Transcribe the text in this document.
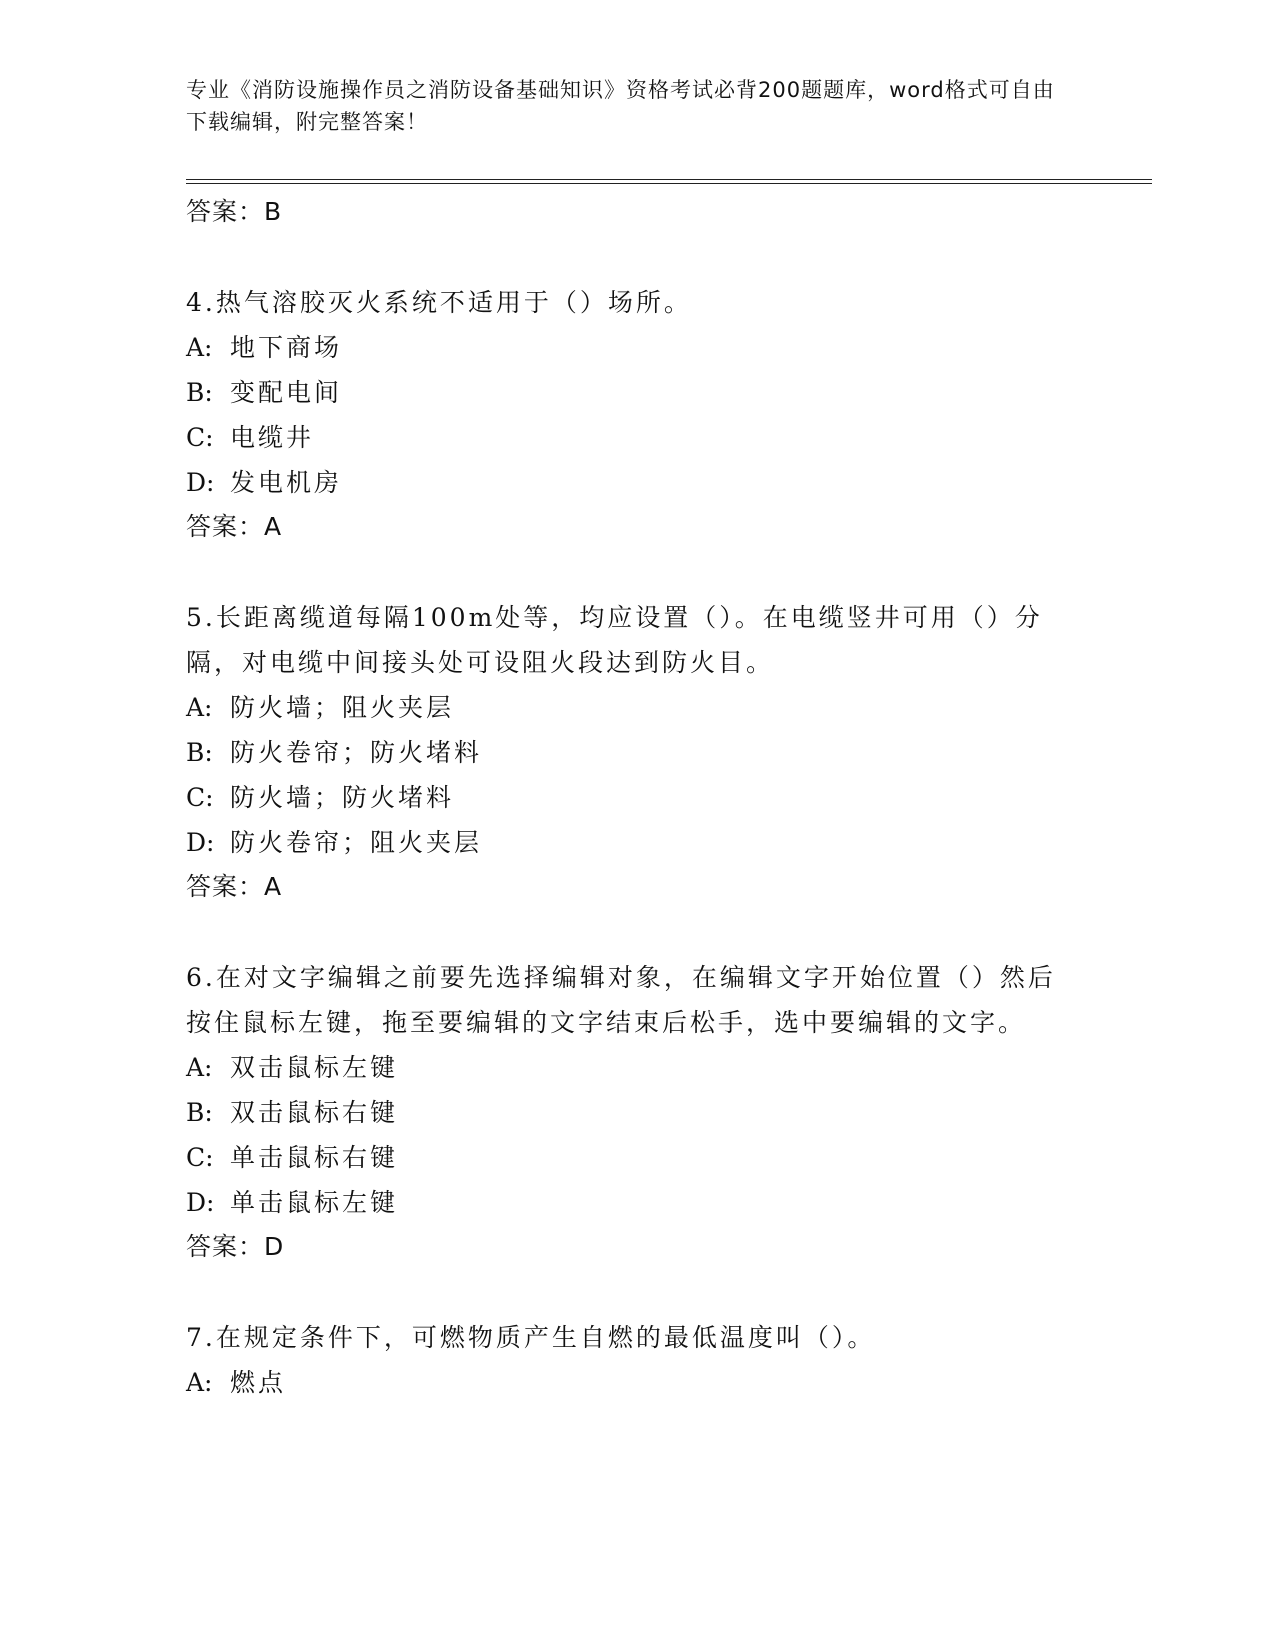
专业《消防设施操作员之消防设备基础知识》资格考试必背200题题库，word格式可自由下载编辑，附完整答案！
答案：B
4.热气溶胶灭火系统不适用于（）场所。
A: 地下商场
B: 变配电间
C: 电缆井
D: 发电机房
答案：A
5.长距离缆道每隔100m处等，均应设置（）。在电缆竖井可用（）分隔，对电缆中间接头处可设阻火段达到防火目。
A: 防火墙；阻火夹层
B: 防火卷帘；防火堵料
C: 防火墙；防火堵料
D: 防火卷帘；阻火夹层
答案：A
6.在对文字编辑之前要先选择编辑对象，在编辑文字开始位置（）然后按住鼠标左键，拖至要编辑的文字结束后松手，选中要编辑的文字。
A: 双击鼠标左键
B: 双击鼠标右键
C: 单击鼠标右键
D: 单击鼠标左键
答案：D
7.在规定条件下，可燃物质产生自燃的最低温度叫（）。
A: 燃点
